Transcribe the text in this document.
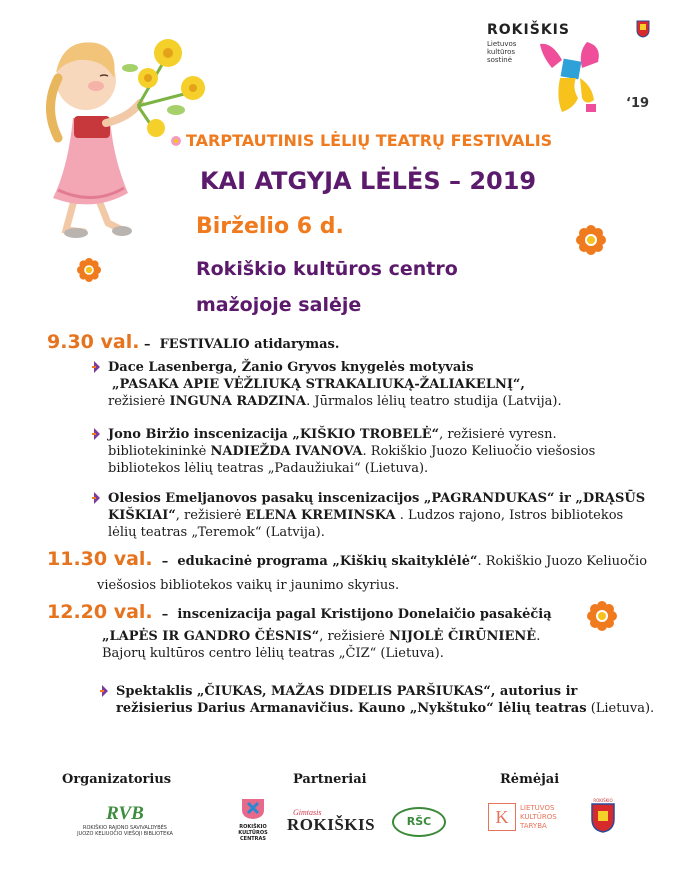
ROKIŠKIS
Lietuvos
kultūros
sostinė
‘19
TARPTAUTINIS LĖLIŲ TEATRŲ FESTIVALIS
KAI ATGYJA LĖLĖS – 2019
Birželio 6 d.
Rokiškio kultūros centro
mažojoje salėje
9.30 val. – FESTIVALIO atidarymas.
Dace Lasenberga, Žanio Gryvos knygelės motyvais
„PASAKA APIE VĖŽLIUKĄ STRAKALIUKĄ-ŽALIAKELNĮ“,
režisierė INGUNA RADZINA. Jūrmalos lėlių teatro studija (Latvija).
Jono Biržio inscenizacija „KIŠKIO TROBELĖ“, režisierė vyresn.
bibliotekininkė NADIEŽDA IVANOVA. Rokiškio Juozo Keliuočio viešosios
bibliotekos lėlių teatras „Padaužiukai“ (Lietuva).
Olesios Emeljanovos pasakų inscenizacijos „PAGRANDUKAS“ ir „DRĄSŪS
KIŠKIAI“, režisierė ELENA KREMINSKA . Ludzos rajono, Istros bibliotekos
lėlių teatras „Teremok“ (Latvija).
11.30 val. – edukacinė programa „Kiškių skaityklėlė“. Rokiškio Juozo Keliuočio
viešosios bibliotekos vaikų ir jaunimo skyrius.
12.20 val. – inscenizacija pagal Kristijono Donelaičio pasakėčią
„LAPĖS IR GANDRO ČĖSNIS“, režisierė NIJOLĖ ČIRŪNIENĖ.
Bajorų kultūros centro lėlių teatras „ČIZ“ (Lietuva).
Spektaklis „ČIUKAS, MAŽAS DIDELIS PARŠIUKAS“, autorius ir
režisierius Darius Armanavičius. Kauno „Nykštuko“ lėlių teatras (Lietuva).
Organizatorius	Partneriai	Rėmėjai
RVB
ROKIŠKIO RAJONO SAVIVALDYBĖS
JUOZO KELIUOČIO VIEŠOJI BIBLIOTEKA
ROKIŠKIO
KULTŪROS
CENTRAS
Gimtasis
ROKIŠKIS	RŠC	K LIETUVOS
KULTŪROS
TARYBA
ROKIŠKIO
